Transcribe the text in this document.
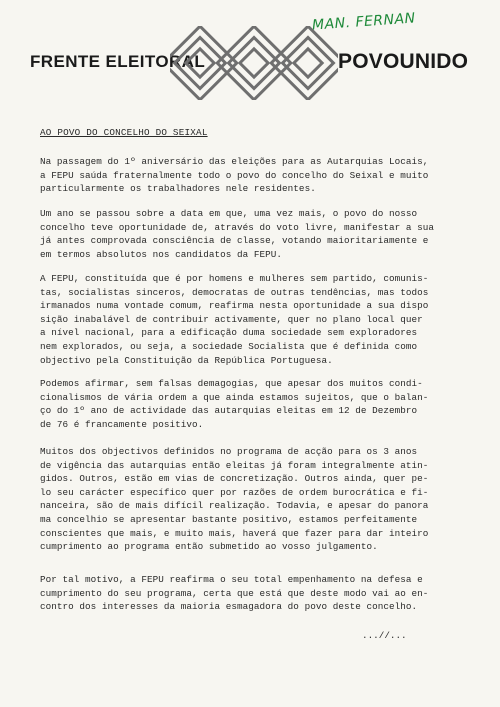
MAN. FERNAN
FRENTE ELEITORAL	POVOUNIDO
AO POVO DO CONCELHO DO SEIXAL
Na passagem do 1º aniversário das eleições para as Autarquias Locais,
a FEPU saúda fraternalmente todo o povo do concelho do Seixal e muito
particularmente os trabalhadores nele residentes.
Um ano se passou sobre a data em que, uma vez mais, o povo do nosso
concelho teve oportunidade de, através do voto livre, manifestar a sua
já antes comprovada consciência de classe, votando maioritariamente e
em termos absolutos nos candidatos da FEPU.
A FEPU, constituída que é por homens e mulheres sem partido, comunis-
tas, socialistas sinceros, democratas de outras tendências, mas todos
irmanados numa vontade comum, reafirma nesta oportunidade a sua dispo
sição inabalável de contribuir activamente, quer no plano local quer
a nível nacional, para a edificação duma sociedade sem exploradores
nem explorados, ou seja, a sociedade Socialista que é definida como
objectivo pela Constituição da República Portuguesa.
Podemos afirmar, sem falsas demagogias, que apesar dos muitos condi-
cionalismos de vária ordem a que ainda estamos sujeitos, que o balan-
ço do 1º ano de actividade das autarquias eleitas em 12 de Dezembro
de 76 é francamente positivo.
Muitos dos objectivos definidos no programa de acção para os 3 anos
de vigência das autarquias então eleitas já foram integralmente atin-
gidos. Outros, estão em vias de concretização. Outros ainda, quer pe-
lo seu carácter específico quer por razões de ordem burocrática e fi-
nanceira, são de mais difícil realização. Todavia, e apesar do panora
ma concelhio se apresentar bastante positivo, estamos perfeitamente
conscientes que mais, e muito mais, haverá que fazer para dar inteiro
cumprimento ao programa então submetido ao vosso julgamento.
Por tal motivo, a FEPU reafirma o seu total empenhamento na defesa e
cumprimento do seu programa, certa que está que deste modo vai ao en-
contro dos interesses da maioria esmagadora do povo deste concelho.
...//...
